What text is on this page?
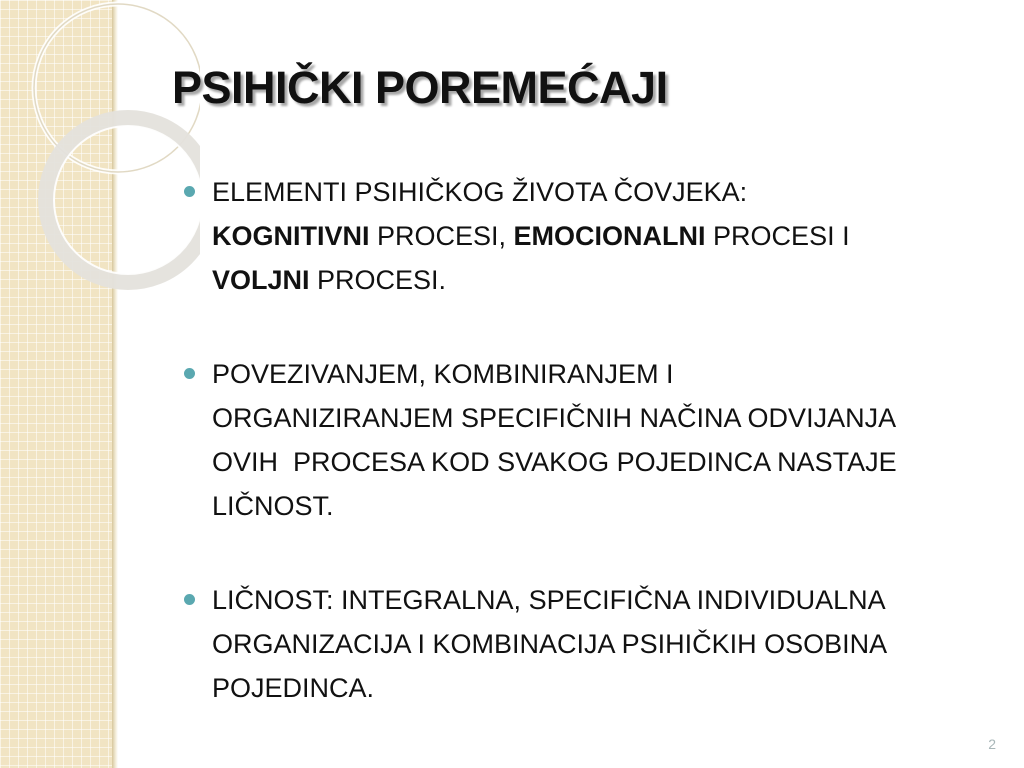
PSIHIČKI POREMEĆAJI
ELEMENTI PSIHIČKOG ŽIVOTA ČOVJEKA:
KOGNITIVNI PROCESI, EMOCIONALNI PROCESI I
VOLJNI PROCESI.
POVEZIVANJEM, KOMBINIRANJEM I
ORGANIZIRANJEM SPECIFIČNIH NAČINA ODVIJANJA
OVIH  PROCESA KOD SVAKOG POJEDINCA NASTAJE
LIČNOST.
LIČNOST: INTEGRALNA, SPECIFIČNA INDIVIDUALNA
ORGANIZACIJA I KOMBINACIJA PSIHIČKIH OSOBINA
POJEDINCA.
2
